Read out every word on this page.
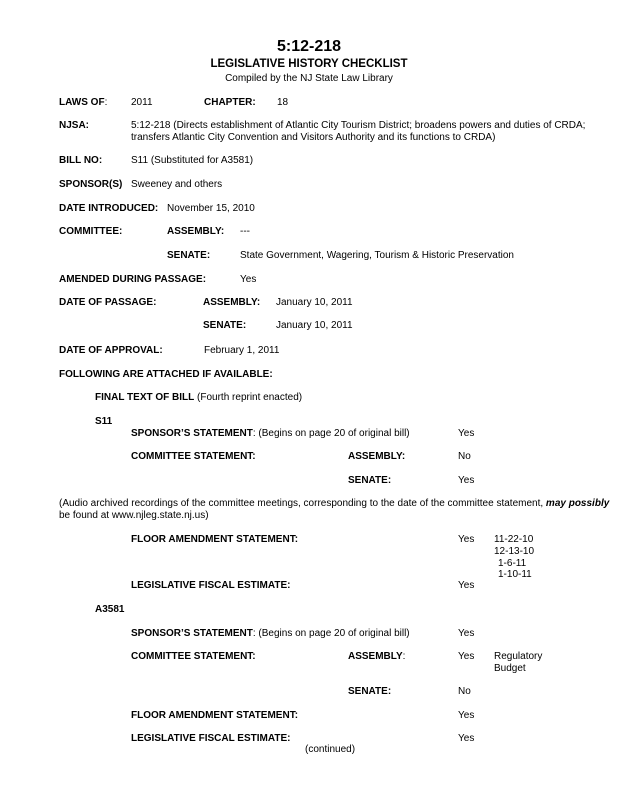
5:12-218
LEGISLATIVE HISTORY CHECKLIST
Compiled by the NJ State Law Library
LAWS OF: 2011	CHAPTER: 18
NJSA:	5:12-218 (Directs establishment of Atlantic City Tourism District; broadens powers and duties of CRDA;
transfers Atlantic City Convention and Visitors Authority and its functions to CRDA)
BILL NO:	S11 (Substituted for A3581)
SPONSOR(S) Sweeney and others
DATE INTRODUCED: November 15, 2010
COMMITTEE:	ASSEMBLY: ---
SENATE:	State Government, Wagering, Tourism & Historic Preservation
AMENDED DURING PASSAGE:	Yes
DATE OF PASSAGE:	ASSEMBLY: January 10, 2011
SENATE:	January 10, 2011
DATE OF APPROVAL:	February 1, 2011
FOLLOWING ARE ATTACHED IF AVAILABLE:
FINAL TEXT OF BILL (Fourth reprint enacted)
S11
SPONSOR’S STATEMENT: (Begins on page 20 of original bill)	Yes
COMMITTEE STATEMENT:	ASSEMBLY:	No
SENATE:	Yes
(Audio archived recordings of the committee meetings, corresponding to the date of the committee statement, may possibly
be found at www.njleg.state.nj.us)
FLOOR AMENDMENT STATEMENT:	Yes 11-22-10
12-13-10
1-6-11
1-10-11
LEGISLATIVE FISCAL ESTIMATE:	Yes
A3581
SPONSOR’S STATEMENT: (Begins on page 20 of original bill)	Yes
COMMITTEE STATEMENT:	ASSEMBLY:	Yes Regulatory
Budget
SENATE:	No
FLOOR AMENDMENT STATEMENT:	Yes
LEGISLATIVE FISCAL ESTIMATE:	Yes
(continued)
